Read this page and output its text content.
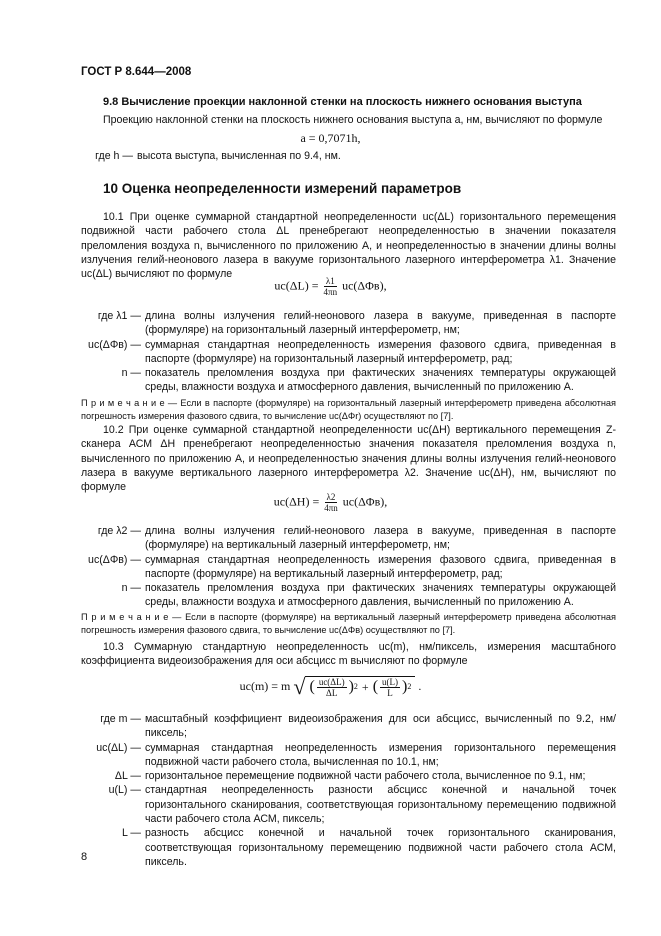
ГОСТ Р 8.644—2008

9.8 Вычисление проекции наклонной стенки на плоскость нижнего основания выступа

Проекцию наклонной стенки на плоскость нижнего основания выступа a, нм, вычисляют по формуле

a = 0,7071h,
где h — высота выступа, вычисленная по 9.4, нм.

10 Оценка неопределенности измерений параметров

10.1 При оценке суммарной стандартной неопределенности uc(ΔL) горизонтального перемещения подвижной части рабочего стола ΔL пренебрегают неопределенностью в значении показателя преломления воздуха n, вычисленного по приложению А, и неопределенностью в значении длины волны излучения гелий-неонового лазера в вакууме горизонтального лазерного интерферометра λ1. Значение uc(ΔL) вычисляют по формуле

$uc(\Delta L) = \frac{\lambda 1}{4\pi n} uc(\Delta\Phi в)$,
где λ1 — длина волны излучения гелий-неонового лазера в вакууме, приведенная в паспорте (формуляре) на горизонтальный лазерный интерферометр, нм;
uc(ΔΦв) — суммарная стандартная неопределенность измерения фазового сдвига, приведенная в паспорте (формуляре) на горизонтальный лазерный интерферометр, рад;
n — показатель преломления воздуха при фактических значениях температуры окружающей среды, влажности воздуха и атмосферного давления, вычисленный по приложению А.
П р и м е ч а н и е — Если в паспорте (формуляре) на горизонтальный лазерный интерферометр приведена абсолютная погрешность измерения фазового сдвига, то вычисление uc(ΔΦr) осуществляют по [7].

10.2 При оценке суммарной стандартной неопределенности uc(ΔH) вертикального перемещения Z-сканера АСМ ΔH пренебрегают неопределенностью значения показателя преломления воздуха n, вычисленного по приложению А, и неопределенностью значения длины волны излучения гелий-неонового лазера в вакууме вертикального лазерного интерферометра λ2. Значение uc(ΔH), нм, вычисляют по формуле

$uc(\Delta H) = \frac{\lambda 2}{4\pi n} uc(\Delta\Phi в)$,
где λ2 — длина волны излучения гелий-неонового лазера в вакууме, приведенная в паспорте (формуляре) на вертикальный лазерный интерферометр, нм;
uc(ΔΦв) — суммарная стандартная неопределенность измерения фазового сдвига, приведенная в паспорте (формуляре) на вертикальный лазерный интерферометр, рад;
n — показатель преломления воздуха при фактических значениях температуры окружающей среды, влажности воздуха и атмосферного давления, вычисленный по приложению А.
П р и м е ч а н и е — Если в паспорте (формуляре) на вертикальный лазерный интерферометр приведена абсолютная погрешность измерения фазового сдвига, то вычисление uc(ΔΦв) осуществляют по [7].

10.3 Суммарную стандартную неопределенность uc(m), нм/пиксель, измерения масштабного коэффициента видеоизображения для оси абсцисс m вычисляют по формуле

uc(m) = m √ ( $\frac{uc(\Delta L)}{\Delta L}$ ) 2 + ( $\frac{u(L)}{L}$ ) 2 .
где m — масштабный коэффициент видеоизображения для оси абсцисс, вычисленный по 9.2, нм/пиксель;
uc(ΔL) — суммарная стандартная неопределенность измерения горизонтального перемещения подвижной части рабочего стола, вычисленная по 10.1, нм;
ΔL — горизонтальное перемещение подвижной части рабочего стола, вычисленное по 9.1, нм;
u(L) — стандартная неопределенность разности абсцисс конечной и начальной точек горизонтального сканирования, соответствующая горизонтальному перемещению подвижной части рабочего стола АСМ, пиксель;
L — разность абсцисс конечной и начальной точек горизонтального сканирования, соответствующая горизонтальному перемещению подвижной части рабочего стола АСМ, пиксель.
8
